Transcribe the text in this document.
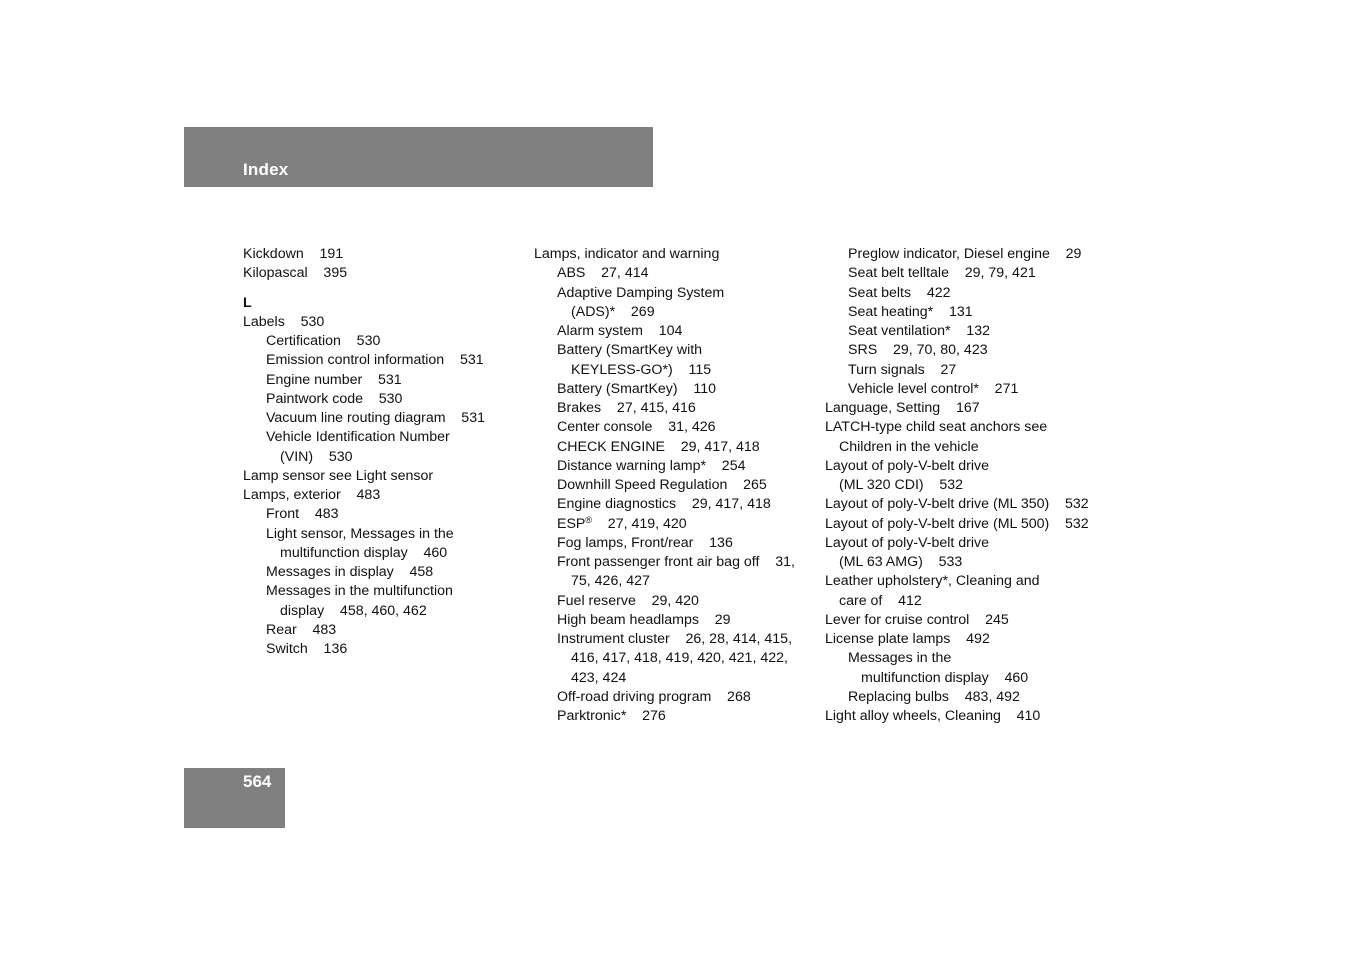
Index
Kickdown    191
Kilopascal    395
L
Labels    530
Certification    530
Emission control information    531
Engine number    531
Paintwork code    530
Vacuum line routing diagram    531
Vehicle Identification Number
(VIN)    530
Lamp sensor see Light sensor
Lamps, exterior    483
Front    483
Light sensor, Messages in the
multifunction display    460
Messages in display    458
Messages in the multifunction
display    458, 460, 462
Rear    483
Switch    136
Lamps, indicator and warning
ABS    27, 414
Adaptive Damping System
(ADS)*    269
Alarm system    104
Battery (SmartKey with
KEYLESS-GO*)    115
Battery (SmartKey)    110
Brakes    27, 415, 416
Center console    31, 426
CHECK ENGINE    29, 417, 418
Distance warning lamp*    254
Downhill Speed Regulation    265
Engine diagnostics    29, 417, 418
ESP®    27, 419, 420
Fog lamps, Front/rear    136
Front passenger front air bag off    31,
75, 426, 427
Fuel reserve    29, 420
High beam headlamps    29
Instrument cluster    26, 28, 414, 415,
416, 417, 418, 419, 420, 421, 422,
423, 424
Off-road driving program    268
Parktronic*    276
Preglow indicator, Diesel engine    29
Seat belt telltale    29, 79, 421
Seat belts    422
Seat heating*    131
Seat ventilation*    132
SRS    29, 70, 80, 423
Turn signals    27
Vehicle level control*    271
Language, Setting    167
LATCH-type child seat anchors see
Children in the vehicle
Layout of poly-V-belt drive
(ML 320 CDI)    532
Layout of poly-V-belt drive (ML 350)    532
Layout of poly-V-belt drive (ML 500)    532
Layout of poly-V-belt drive
(ML 63 AMG)    533
Leather upholstery*, Cleaning and
care of    412
Lever for cruise control    245
License plate lamps    492
Messages in the
multifunction display    460
Replacing bulbs    483, 492
Light alloy wheels, Cleaning    410
564
